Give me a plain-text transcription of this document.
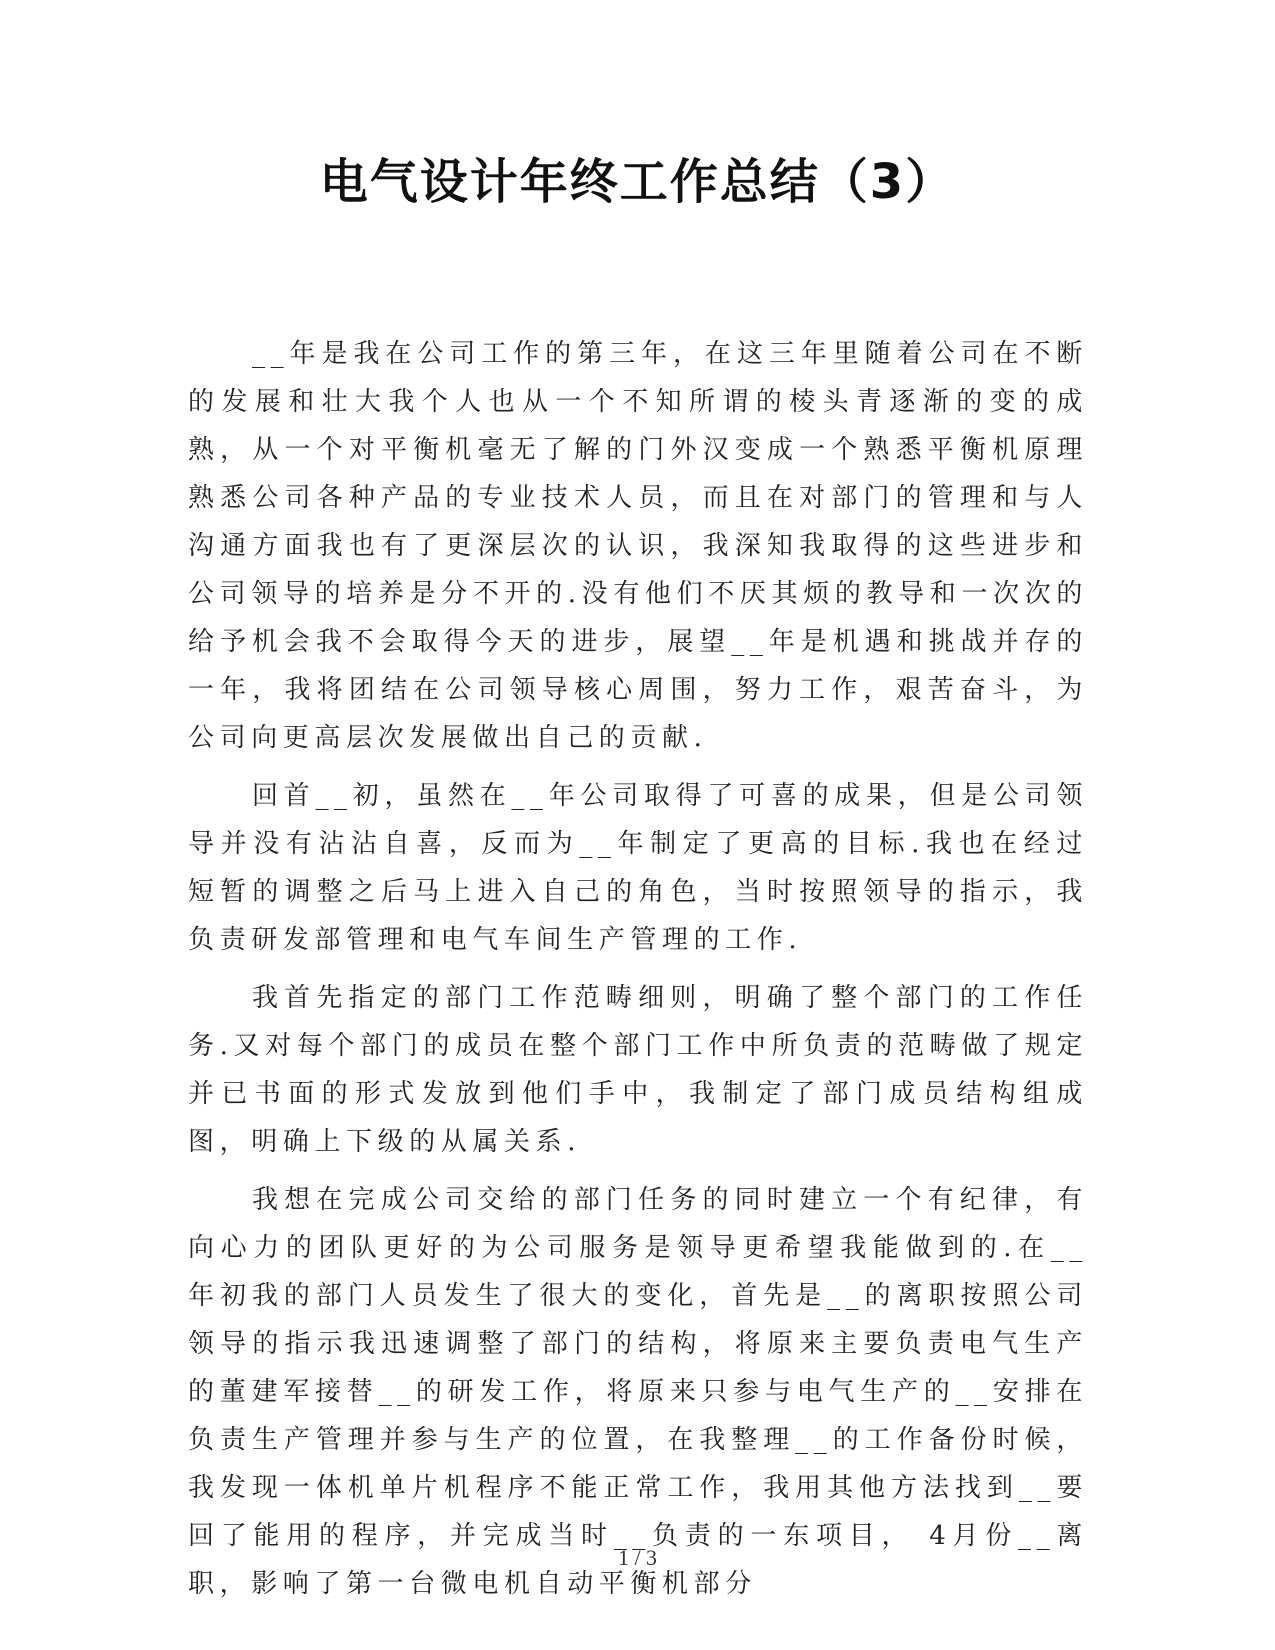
电气设计年终工作总结（3）

__年是我在公司工作的第三年，在这三年里随着公司在不断的发展和壮大我个人也从一个不知所谓的棱头青逐渐的变的成熟，从一个对平衡机毫无了解的门外汉变成一个熟悉平衡机原理熟悉公司各种产品的专业技术人员，而且在对部门的管理和与人沟通方面我也有了更深层次的认识，我深知我取得的这些进步和公司领导的培养是分不开的.没有他们不厌其烦的教导和一次次的给予机会我不会取得今天的进步，展望__年是机遇和挑战并存的一年，我将团结在公司领导核心周围，努力工作，艰苦奋斗，为公司向更高层次发展做出自己的贡献.

回首__初，虽然在__年公司取得了可喜的成果，但是公司领导并没有沾沾自喜，反而为__年制定了更高的目标.我也在经过短暂的调整之后马上进入自己的角色，当时按照领导的指示，我负责研发部管理和电气车间生产管理的工作.

我首先指定的部门工作范畴细则，明确了整个部门的工作任务.又对每个部门的成员在整个部门工作中所负责的范畴做了规定并已书面的形式发放到他们手中，我制定了部门成员结构组成图，明确上下级的从属关系.

我想在完成公司交给的部门任务的同时建立一个有纪律，有向心力的团队更好的为公司服务是领导更希望我能做到的.在__年初我的部门人员发生了很大的变化，首先是__的离职按照公司领导的指示我迅速调整了部门的结构，将原来主要负责电气生产的董建军接替__的研发工作，将原来只参与电气生产的__安排在负责生产管理并参与生产的位置，在我整理__的工作备份时候，我发现一体机单片机程序不能正常工作，我用其他方法找到__要回了能用的程序，并完成当时__负责的一东项目， 4月份__离职，影响了第一台微电机自动平衡机部分

1 / 3
